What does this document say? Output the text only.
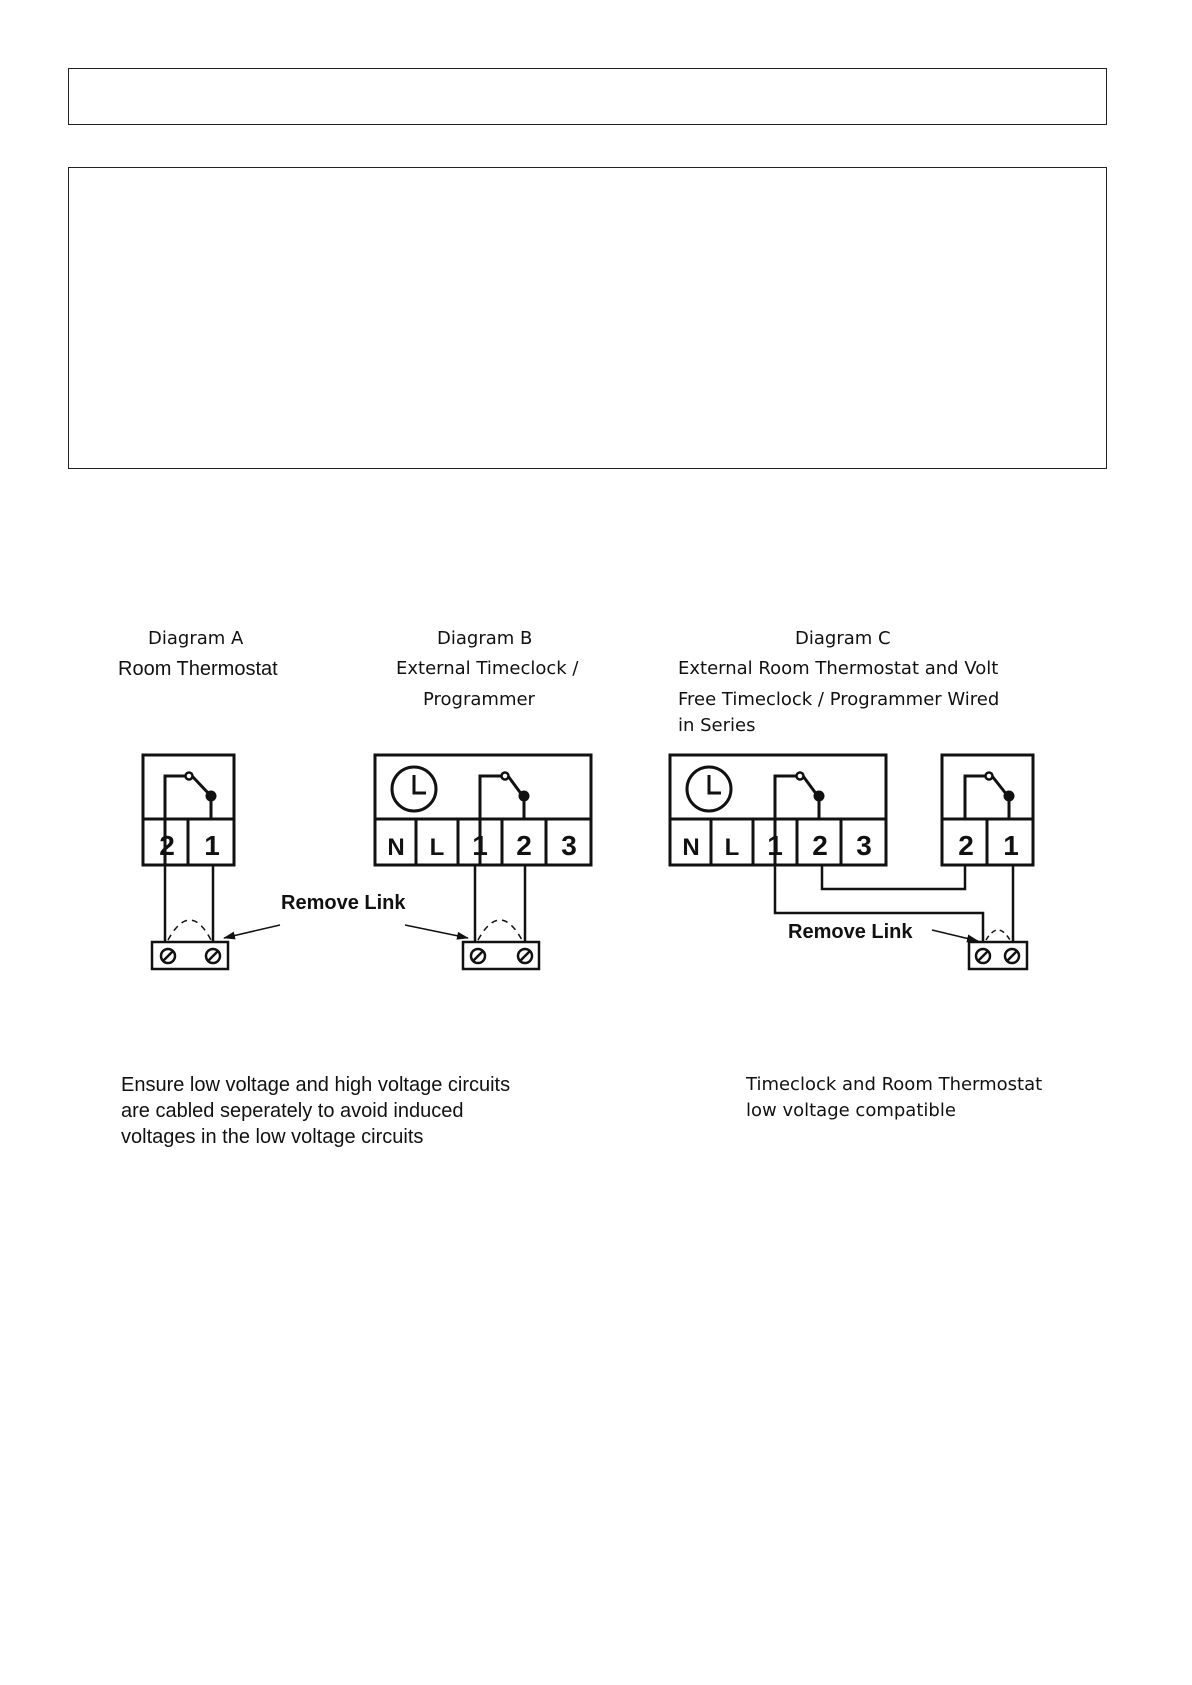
Diagram A
Room Thermostat
Diagram B
External Timeclock /
Programmer
Diagram C
External Room Thermostat and Volt
Free Timeclock / Programmer Wired
in Series
2 1
Remove Link
N L 1 2 3	N L 1 2 3	2 1
Remove Link
Ensure low voltage and high voltage circuits
are cabled seperately to avoid induced
voltages in the low voltage circuits
Timeclock and Room Thermostat
low voltage compatible
